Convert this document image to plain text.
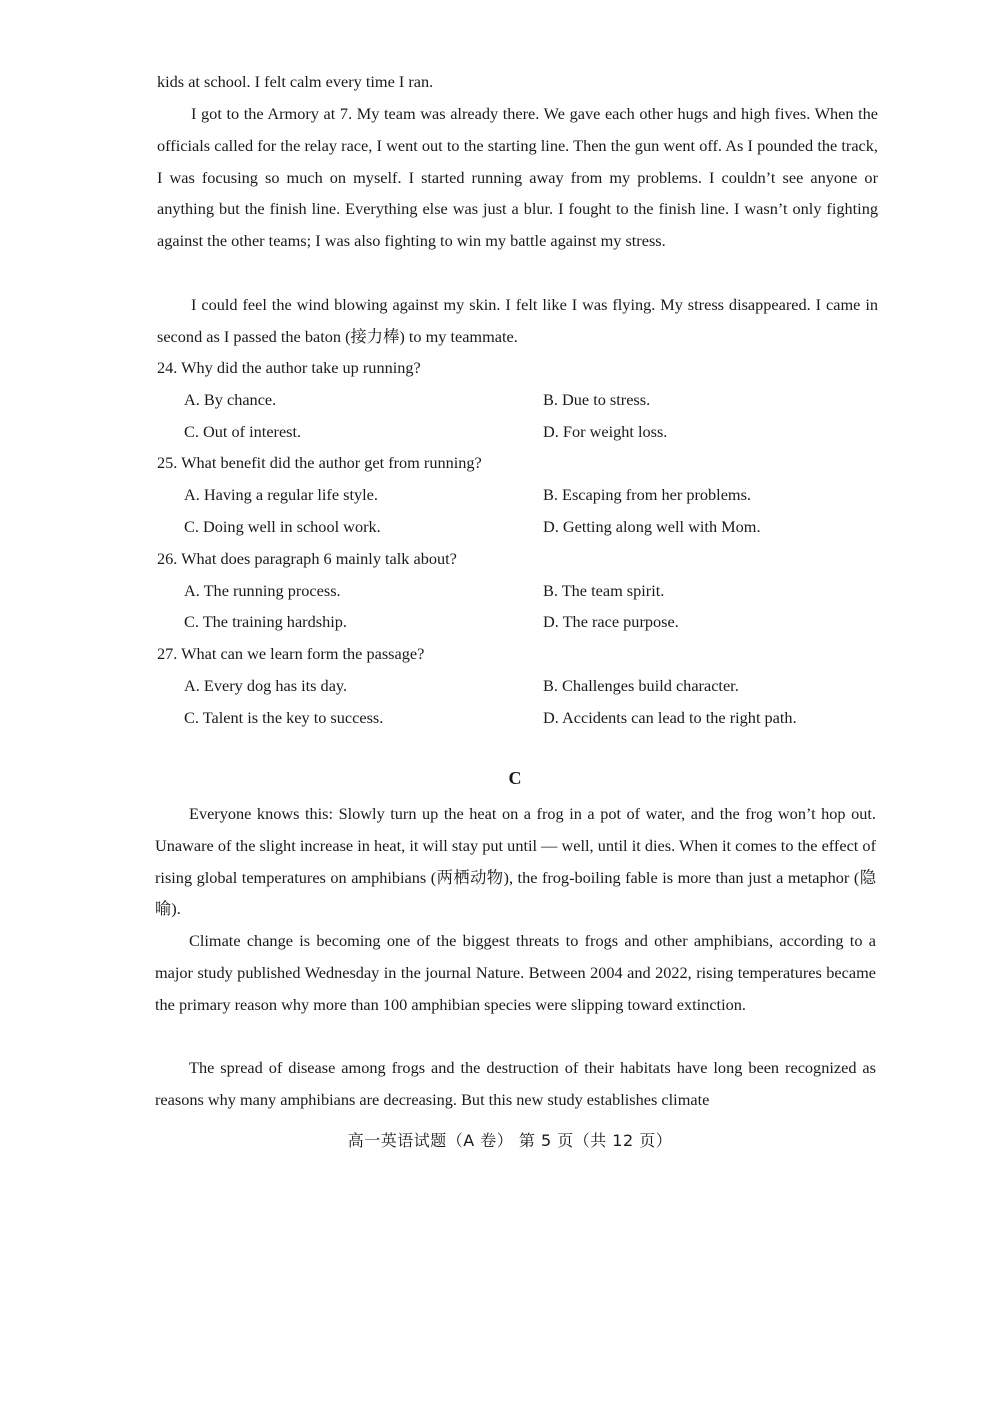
kids at school. I felt calm every time I ran.

I got to the Armory at 7. My team was already there. We gave each other hugs and high fives. When the officials called for the relay race, I went out to the starting line. Then the gun went off. As I pounded the track, I was focusing so much on myself. I started running away from my problems. I couldn’t see anyone or anything but the finish line. Everything else was just a blur. I fought to the finish line. I wasn’t only fighting against the other teams; I was also fighting to win my battle against my stress.

I could feel the wind blowing against my skin. I felt like I was flying. My stress disappeared. I came in second as I passed the baton (接力棒) to my teammate.

24. Why did the author take up running?

A. By chance.	B. Due to stress.

C. Out of interest.	D. For weight loss.

25. What benefit did the author get from running?

A. Having a regular life style.	B. Escaping from her problems.

C. Doing well in school work.	D. Getting along well with Mom.

26. What does paragraph 6 mainly talk about?

A. The running process.	B. The team spirit.

C. The training hardship.	D. The race purpose.

27. What can we learn form the passage?

A. Every dog has its day.	B. Challenges build character.

C. Talent is the key to success.	D. Accidents can lead to the right path.

C

Everyone knows this: Slowly turn up the heat on a frog in a pot of water, and the frog won’t hop out. Unaware of the slight increase in heat, it will stay put until — well, until it dies. When it comes to the effect of rising global temperatures on amphibians (两栖动物), the frog-boiling fable is more than just a metaphor (隐喻).

Climate change is becoming one of the biggest threats to frogs and other amphibians, according to a major study published Wednesday in the journal Nature. Between 2004 and 2022, rising temperatures became the primary reason why more than 100 amphibian species were slipping toward extinction.

The spread of disease among frogs and the destruction of their habitats have long been recognized as reasons why many amphibians are decreasing. But this new study establishes climate

高一英语试题（A 卷） 第 5 页（共 12 页）
